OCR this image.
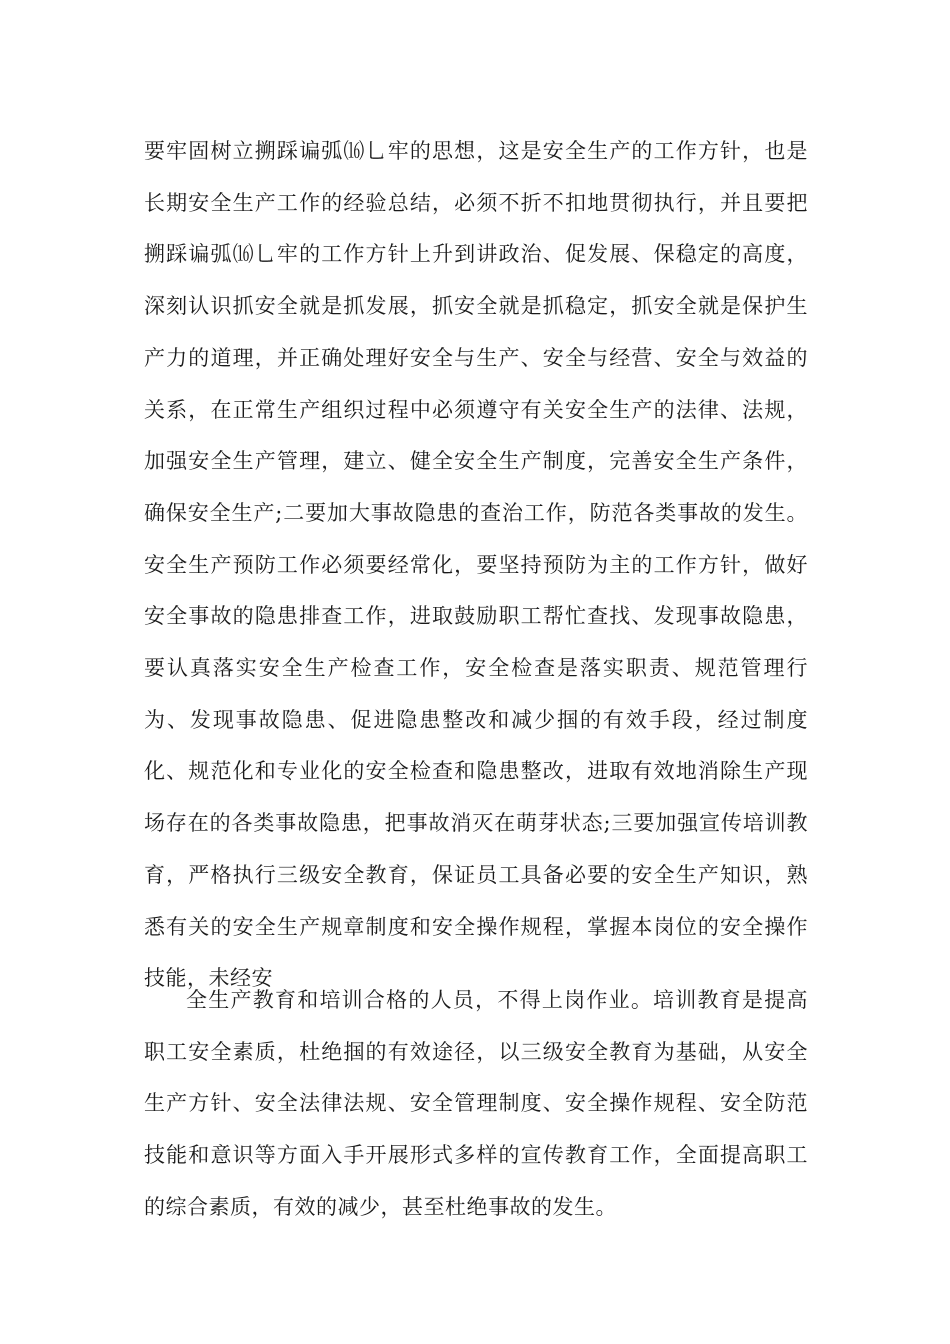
要牢固树立搠踩谝弧⒃乚牢的思想，这是安全生产的工作方针，也是长期安全生产工作的经验总结，必须不折不扣地贯彻执行，并且要把搠踩谝弧⒃乚牢的工作方针上升到讲政治、促发展、保稳定的高度，深刻认识抓安全就是抓发展，抓安全就是抓稳定，抓安全就是保护生产力的道理，并正确处理好安全与生产、安全与经营、安全与效益的关系，在正常生产组织过程中必须遵守有关安全生产的法律、法规，加强安全生产管理，建立、健全安全生产制度，完善安全生产条件，确保安全生产;二要加大事故隐患的查治工作，防范各类事故的发生。安全生产预防工作必须要经常化，要坚持预防为主的工作方针，做好安全事故的隐患排查工作，进取鼓励职工帮忙查找、发现事故隐患，要认真落实安全生产检查工作，安全检查是落实职责、规范管理行为、发现事故隐患、促进隐患整改和减少掴的有效手段，经过制度化、规范化和专业化的安全检查和隐患整改，进取有效地消除生产现场存在的各类事故隐患，把事故消灭在萌芽状态;三要加强宣传培训教育，严格执行三级安全教育，保证员工具备必要的安全生产知识，熟悉有关的安全生产规章制度和安全操作规程，掌握本岗位的安全操作技能，未经安

全生产教育和培训合格的人员，不得上岗作业。培训教育是提高职工安全素质，杜绝掴的有效途径，以三级安全教育为基础，从安全生产方针、安全法律法规、安全管理制度、安全操作规程、安全防范技能和意识等方面入手开展形式多样的宣传教育工作，全面提高职工的综合素质，有效的减少，甚至杜绝事故的发生。
